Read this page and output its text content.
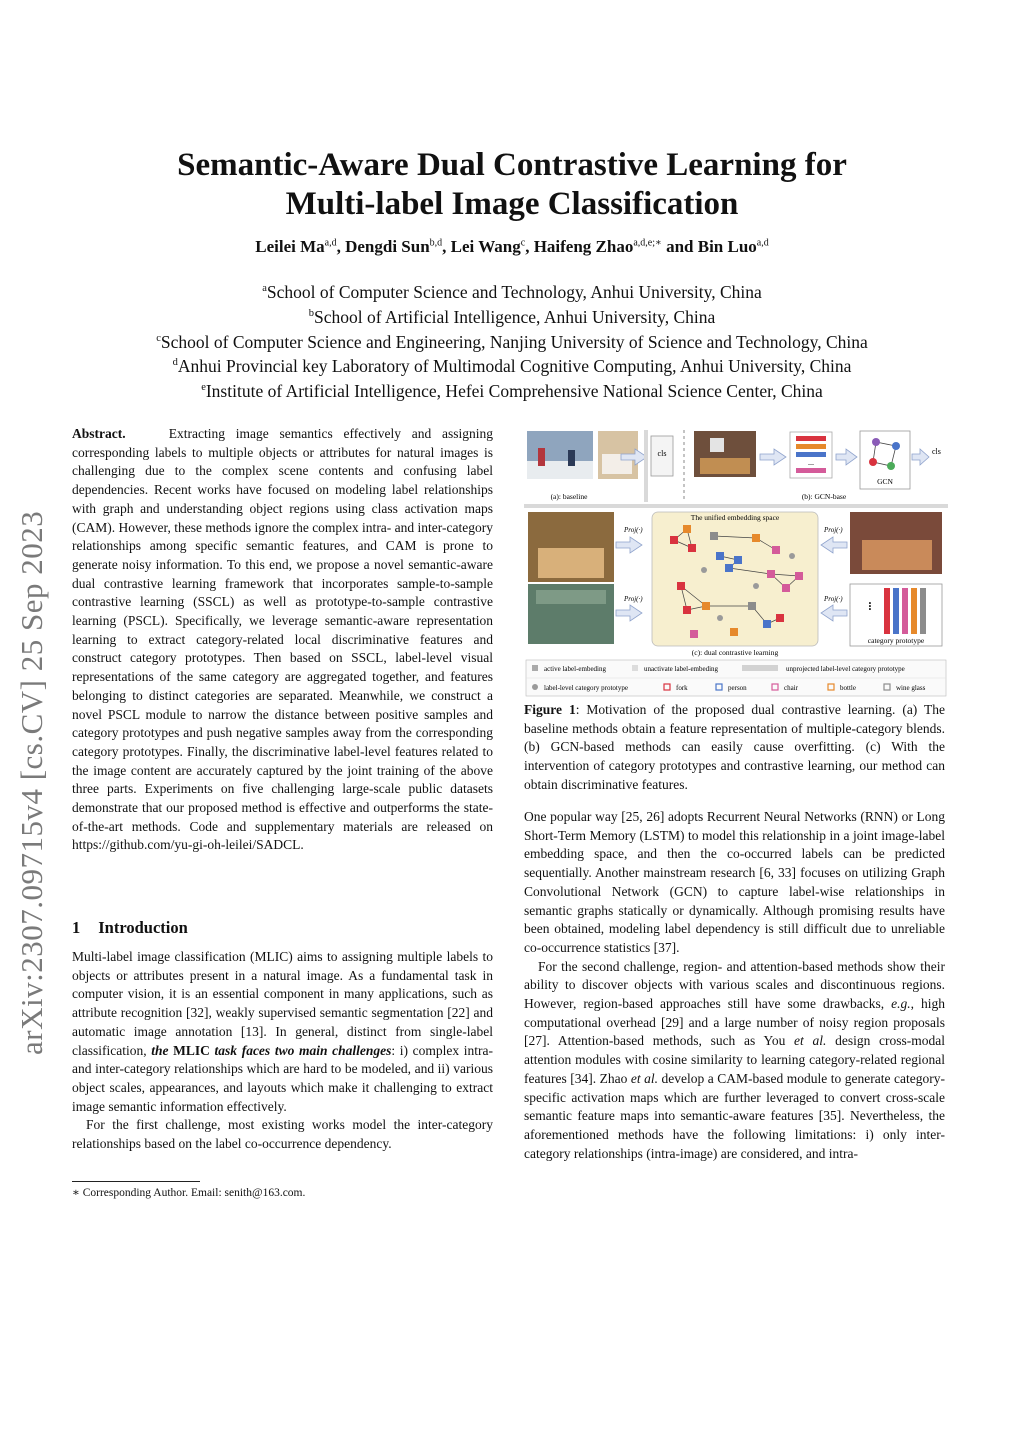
arXiv:2307.09715v4 [cs.CV] 25 Sep 2023
Semantic-Aware Dual Contrastive Learning for
Multi-label Image Classification
Leilei Ma$^{a,d}$, Dengdi Sun$^{b,d}$, Lei Wang$^c$, Haifeng Zhao$^{a,d,e;∗}$ and Bin Luo$^{a,d}$
$^a$School of Computer Science and Technology, Anhui University, China
$^b$School of Artificial Intelligence, Anhui University, China
$^c$School of Computer Science and Engineering, Nanjing University of Science and Technology, China
$^d$Anhui Provincial key Laboratory of Multimodal Cognitive Computing, Anhui University, China
$^e$Institute of Artificial Intelligence, Hefei Comprehensive National Science Center, China

Abstract.	Extracting image semantics effectively and assigning corresponding labels to multiple objects or attributes for natural images is challenging due to the complex scene contents and confusing label dependencies. Recent works have focused on modeling label relationships with graph and understanding object regions using class activation maps (CAM). However, these methods ignore the complex intra- and inter-category relationships among specific semantic features, and CAM is prone to generate noisy information. To this end, we propose a novel semantic-aware dual contrastive learning framework that incorporates sample-to-sample contrastive learning (SSCL) as well as prototype-to-sample contrastive learning (PSCL). Specifically, we leverage semantic-aware representation learning to extract category-related local discriminative features and construct category prototypes. Then based on SSCL, label-level visual representations of the same category are aggregated together, and features belonging to distinct categories are separated. Meanwhile, we construct a novel PSCL module to narrow the distance between positive samples and category prototypes and push negative samples away from the corresponding category prototypes. Finally, the discriminative label-level features related to the image content are accurately captured by the joint training of the above three parts. Experiments on five challenging large-scale public datasets demonstrate that our proposed method is effective and outperforms the state-of-the-art methods. Code and supplementary materials are released on https://github.com/yu-gi-oh-leilei/SADCL.

1 Introduction

Multi-label image classification (MLIC) aims to assigning multiple labels to objects or attributes present in a natural image. As a fundamental task in computer vision, it is an essential component in many applications, such as attribute recognition [32], weakly supervised semantic segmentation [22] and automatic image annotation [13]. In general, distinct from single-label classification, the MLIC task faces two main challenges: i) complex intra- and inter-category relationships which are hard to be modeled, and ii) various object scales, appearances, and layouts which make it challenging to extract image semantic information effectively.

For the first challenge, most existing works model the inter-category relationships based on the label co-occurrence dependency.

∗ Corresponding Author. Email: senith@163.com.
cls
(a): baseline
...
GCN
cls
(b): GCN-base
Proj(·)
Proj(·)
Proj(·)
Proj(·)
The unified embedding space
(c): dual contrastive learning
...
category prototype
active label-embeding	unactivate label-embeding	unprojected label-level category prototype
label-level category prototype	fork	person	chair	bottle	wine glass

Figure 1: Motivation of the proposed dual contrastive learning. (a) The baseline methods obtain a feature representation of multiple-category blends. (b) GCN-based methods can easily cause overfitting. (c) With the intervention of category prototypes and contrastive learning, our method can obtain discriminative features.

One popular way [25, 26] adopts Recurrent Neural Networks (RNN) or Long Short-Term Memory (LSTM) to model this relationship in a joint image-label embedding space, and then the co-occurred labels can be predicted sequentially. Another mainstream research [6, 33] focuses on utilizing Graph Convolutional Network (GCN) to capture label-wise relationships in semantic graphs statically or dynamically. Although promising results have been obtained, modeling label dependency is still difficult due to unreliable co-occurrence statistics [37].

For the second challenge, region- and attention-based methods show their ability to discover objects with various scales and discontinuous regions. However, region-based approaches still have some drawbacks, e.g., high computational overhead [29] and a large number of noisy region proposals [27]. Attention-based methods, such as You et al. design cross-modal attention modules with cosine similarity to learning category-related regional features [34]. Zhao et al. develop a CAM-based module to generate category-specific activation maps which are further leveraged to convert cross-scale semantic feature maps into semantic-aware features [35]. Nevertheless, the aforementioned methods have the following limitations: i) only inter-category relationships (intra-image) are considered, and intra-
